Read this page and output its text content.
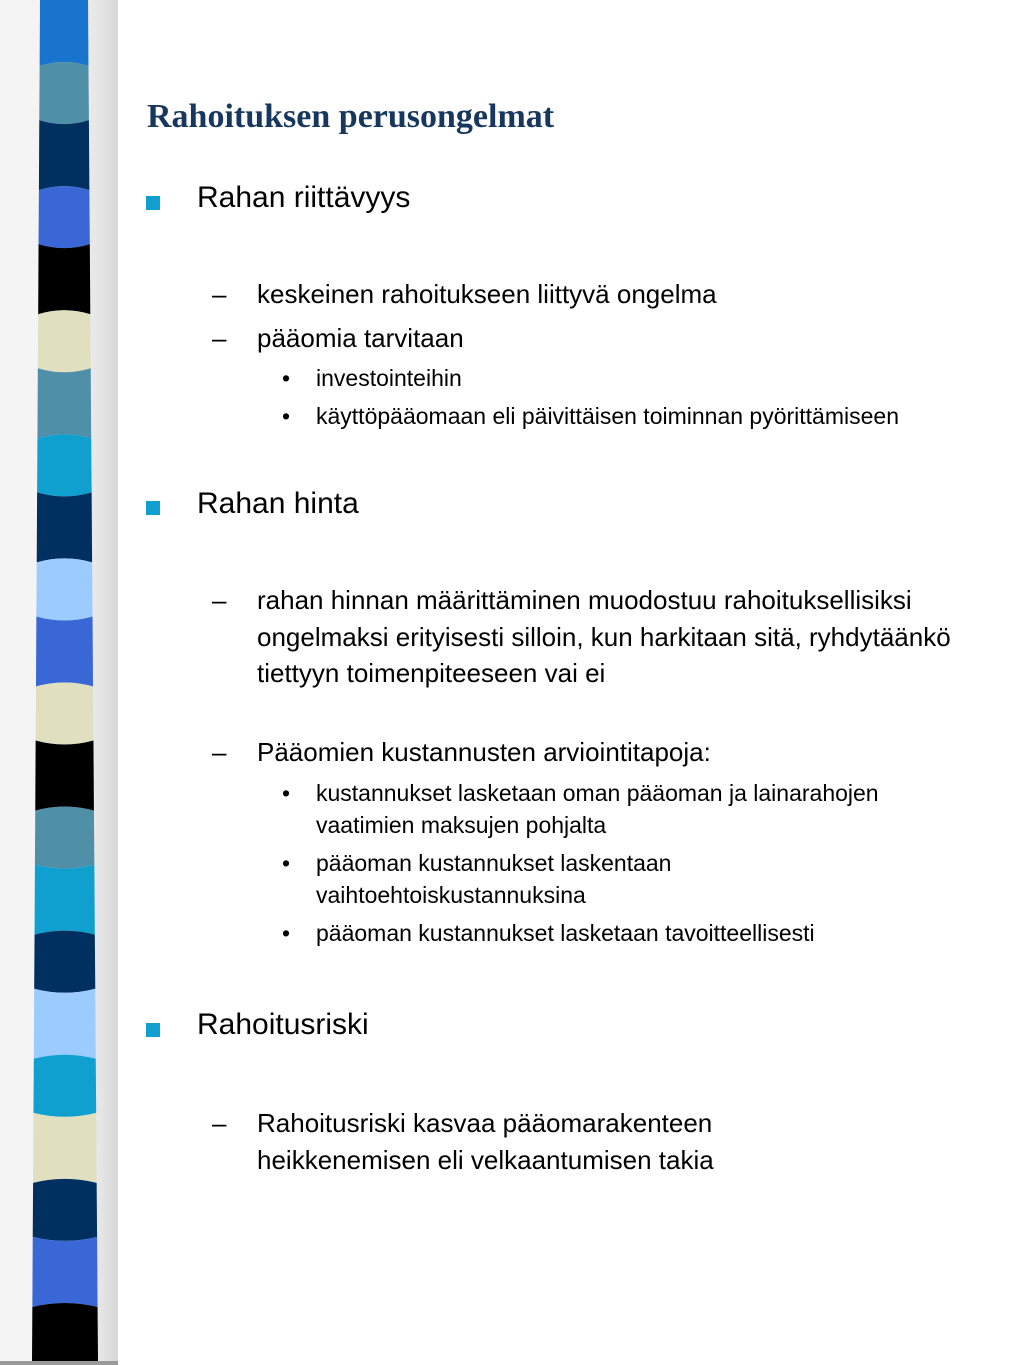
Rahoituksen perusongelmat
Rahan riittävyys
– keskeinen rahoitukseen liittyvä ongelma
– pääomia tarvitaan
• investointeihin
• käyttöpääomaan eli päivittäisen toiminnan pyörittämiseen
Rahan hinta
– rahan hinnan määrittäminen muodostuu rahoituksellisiksi ongelmaksi erityisesti silloin, kun harkitaan sitä, ryhdytäänkö tiettyyn toimenpiteeseen vai ei
– Pääomien kustannusten arviointitapoja:
• kustannukset lasketaan oman pääoman ja lainarahojen vaatimien maksujen pohjalta
• pääoman kustannukset laskentaan vaihtoehtoiskustannuksina
• pääoman kustannukset lasketaan tavoitteellisesti
Rahoitusriski
– Rahoitusriski kasvaa pääomarakenteen heikkenemisen eli velkaantumisen takia
